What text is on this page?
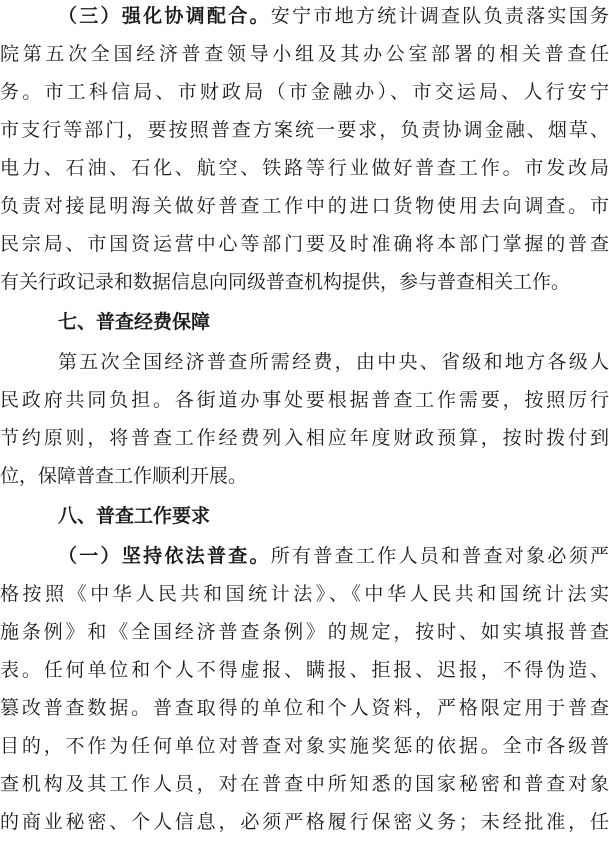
（三）强化协调配合。安宁市地方统计调查队负责落实国务
院第五次全国经济普查领导小组及其办公室部署的相关普查任
务。市工科信局、市财政局（市金融办）、市交运局、人行安宁
市支行等部门，要按照普查方案统一要求，负责协调金融、烟草、
电力、石油、石化、航空、铁路等行业做好普查工作。市发改局
负责对接昆明海关做好普查工作中的进口货物使用去向调查。市
民宗局、市国资运营中心等部门要及时准确将本部门掌握的普查
有关行政记录和数据信息向同级普查机构提供，参与普查相关工作。
七、普查经费保障
第五次全国经济普查所需经费，由中央、省级和地方各级人
民政府共同负担。各街道办事处要根据普查工作需要，按照厉行
节约原则，将普查工作经费列入相应年度财政预算，按时拨付到
位，保障普查工作顺利开展。
八、普查工作要求
（一）坚持依法普查。所有普查工作人员和普查对象必须严
格按照《中华人民共和国统计法》、《中华人民共和国统计法实
施条例》和《全国经济普查条例》的规定，按时、如实填报普查
表。任何单位和个人不得虚报、瞒报、拒报、迟报，不得伪造、
篡改普查数据。普查取得的单位和个人资料，严格限定用于普查
目的，不作为任何单位对普查对象实施奖惩的依据。全市各级普
查机构及其工作人员，对在普查中所知悉的国家秘密和普查对象
的商业秘密、个人信息，必须严格履行保密义务；未经批准，任
